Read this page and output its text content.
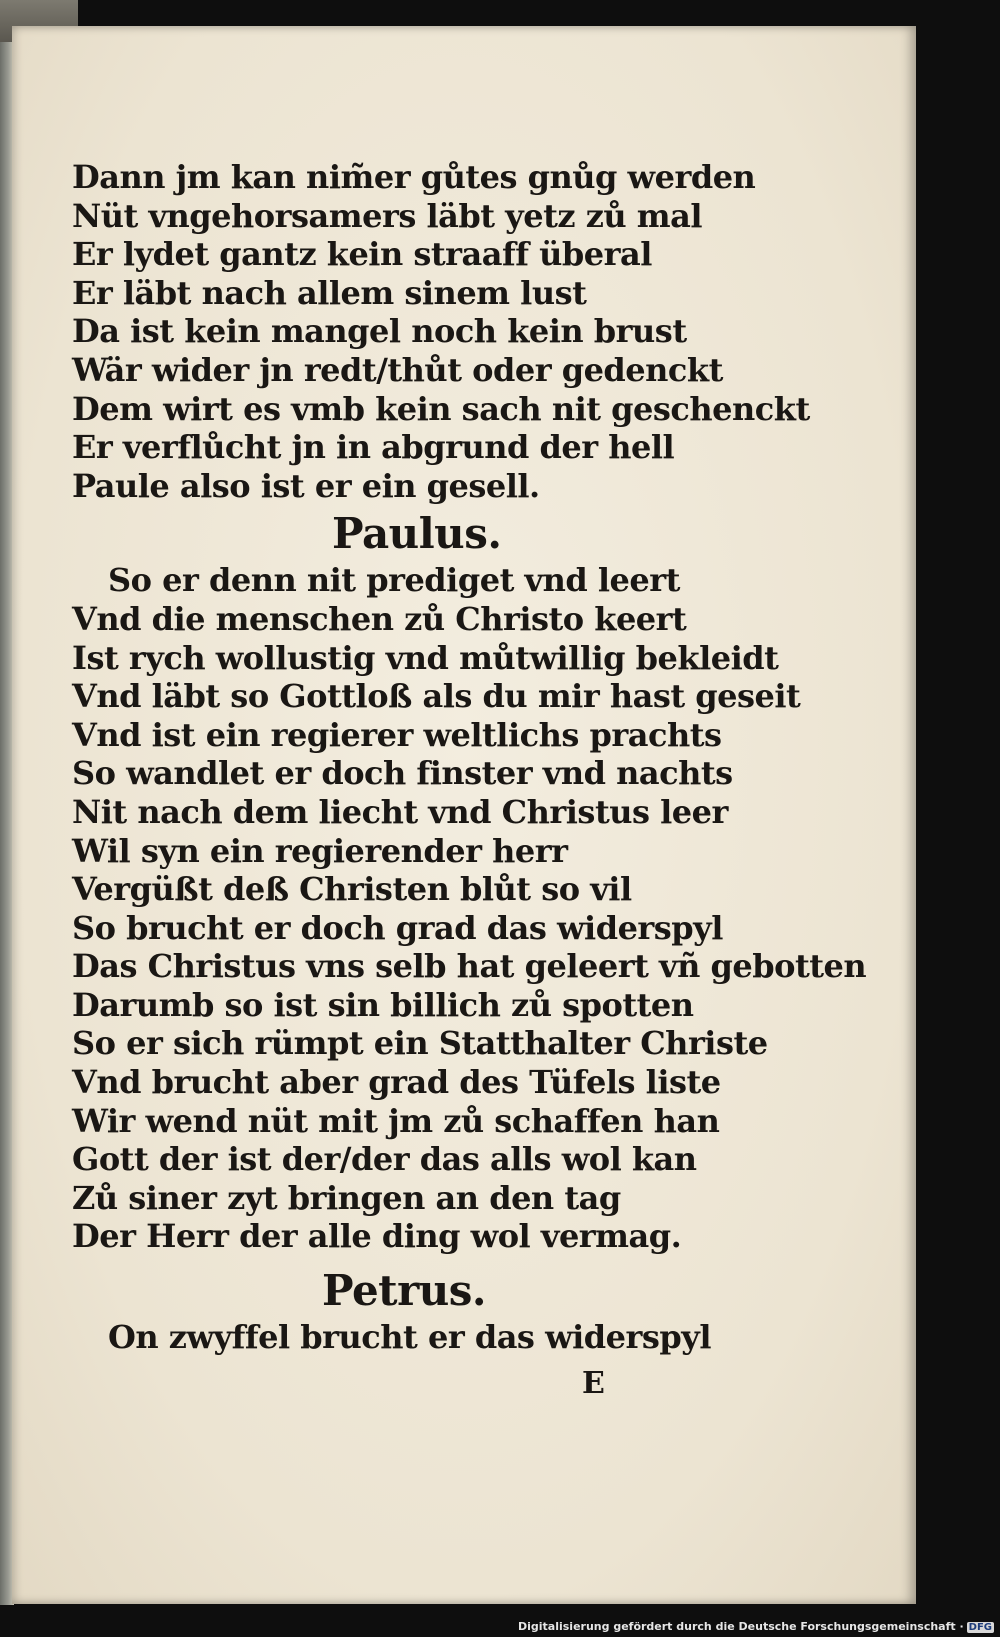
Dann jm kan nim̃er gůtes gnůg werden
Nüt vngehorsamers läbt yetz zů mal
Er lydet gantz kein straaff überal
Er läbt nach allem sinem lust
Da ist kein mangel noch kein brust
Wär wider jn redt/thůt oder gedenckt
Dem wirt es vmb kein sach nit geschenckt
Er verflůcht jn in abgrund der hell
Paule also ist er ein gesell.
Paulus.
So er denn nit prediget vnd leert
Vnd die menschen zů Christo keert
Ist rych wollustig vnd můtwillig bekleidt
Vnd läbt so Gottloß als du mir hast geseit
Vnd ist ein regierer weltlichs prachts
So wandlet er doch finster vnd nachts
Nit nach dem liecht vnd Christus leer
Wil syn ein regierender herr
Vergüßt deß Christen blůt so vil
So brucht er doch grad das widerspyl
Das Christus vns selb hat geleert vñ gebotten
Darumb so ist sin billich zů spotten
So er sich rümpt ein Statthalter Christe
Vnd brucht aber grad des Tüfels liste
Wir wend nüt mit jm zů schaffen han
Gott der ist der/der das alls wol kan
Zů siner zyt bringen an den tag
Der Herr der alle ding wol vermag.
Petrus.
On zwyffel brucht er das widerspyl
E
Digitalisierung gefördert durch die Deutsche Forschungsgemeinschaft · DFG
